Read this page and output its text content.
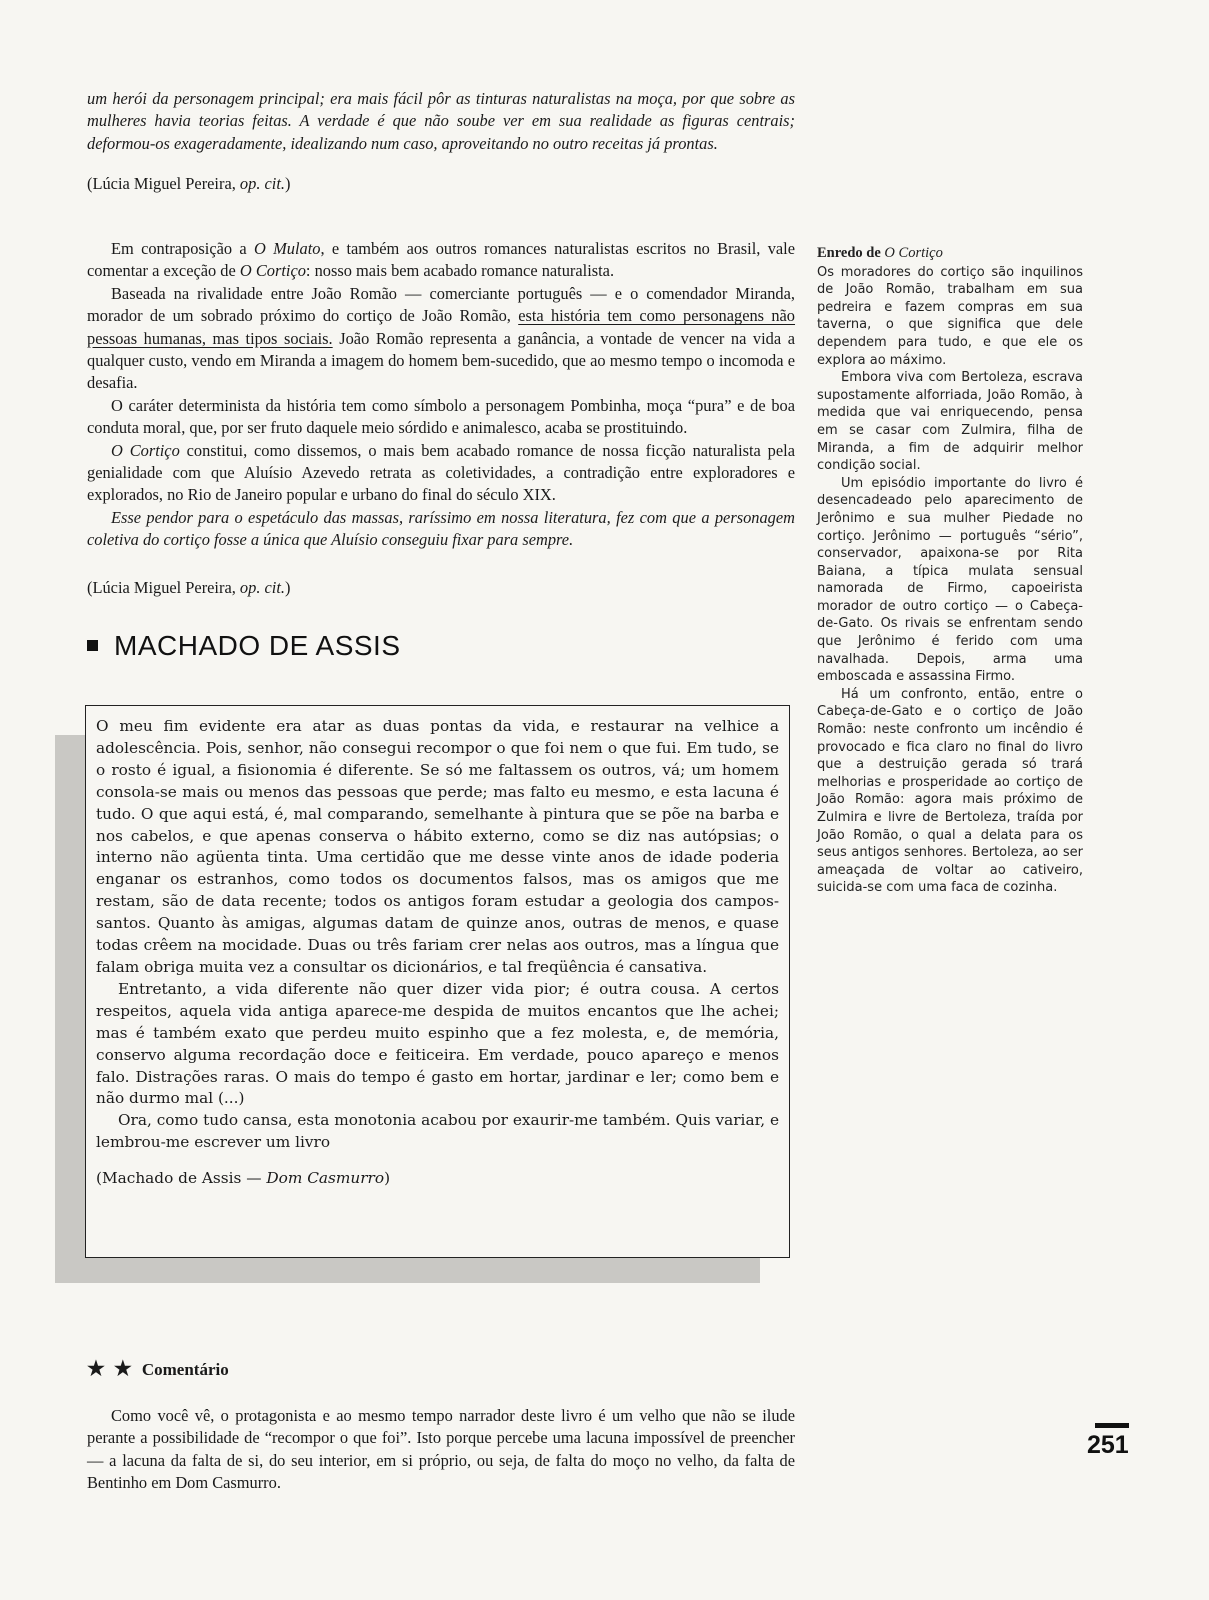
um herói da personagem principal; era mais fácil pôr as tinturas naturalistas na moça, por que sobre as mulheres havia teorias feitas. A verdade é que não soube ver em sua realidade as figuras centrais; deformou-os exageradamente, idealizando num caso, aproveitando no outro receitas já prontas.

(Lúcia Miguel Pereira, op. cit.)

Em contraposição a O Mulato, e também aos outros romances naturalistas escritos no Brasil, vale comentar a exceção de O Cortiço: nosso mais bem acabado romance naturalista.

Baseada na rivalidade entre João Romão — comerciante português — e o comendador Miranda, morador de um sobrado próximo do cortiço de João Romão, esta história tem como personagens não pessoas humanas, mas tipos sociais. João Romão representa a ganância, a vontade de vencer na vida a qualquer custo, vendo em Miranda a imagem do homem bem-sucedido, que ao mesmo tempo o incomoda e desafia.

O caráter determinista da história tem como símbolo a personagem Pombinha, moça “pura” e de boa conduta moral, que, por ser fruto daquele meio sórdido e animalesco, acaba se prostituindo.

O Cortiço constitui, como dissemos, o mais bem acabado romance de nossa ficção naturalista pela genialidade com que Aluísio Azevedo retrata as coletividades, a contradição entre exploradores e explorados, no Rio de Janeiro popular e urbano do final do século XIX.

Esse pendor para o espetáculo das massas, raríssimo em nossa literatura, fez com que a personagem coletiva do cortiço fosse a única que Aluísio conseguiu fixar para sempre.

(Lúcia Miguel Pereira, op. cit.)

MACHADO DE ASSIS

O meu fim evidente era atar as duas pontas da vida, e restaurar na velhice a adolescência. Pois, senhor, não consegui recompor o que foi nem o que fui. Em tudo, se o rosto é igual, a fisionomia é diferente. Se só me faltassem os outros, vá; um homem consola-se mais ou menos das pessoas que perde; mas falto eu mesmo, e esta lacuna é tudo. O que aqui está, é, mal comparando, semelhante à pintura que se põe na barba e nos cabelos, e que apenas conserva o hábito externo, como se diz nas autópsias; o interno não agüenta tinta. Uma certidão que me desse vinte anos de idade poderia enganar os estranhos, como todos os documentos falsos, mas os amigos que me restam, são de data recente; todos os antigos foram estudar a geologia dos campos-santos. Quanto às amigas, algumas datam de quinze anos, outras de menos, e quase todas crêem na mocidade. Duas ou três fariam crer nelas aos outros, mas a língua que falam obriga muita vez a consultar os dicionários, e tal freqüência é cansativa.

Entretanto, a vida diferente não quer dizer vida pior; é outra cousa. A certos respeitos, aquela vida antiga aparece-me despida de muitos encantos que lhe achei; mas é também exato que perdeu muito espinho que a fez molesta, e, de memória, conservo alguma recordação doce e feiticeira. Em verdade, pouco apareço e menos falo. Distrações raras. O mais do tempo é gasto em hortar, jardinar e ler; como bem e não durmo mal (...)

Ora, como tudo cansa, esta monotonia acabou por exaurir-me também. Quis variar, e lembrou-me escrever um livro

(Machado de Assis — Dom Casmurro)

Enredo de O Cortiço

Os moradores do cortiço são inquilinos de João Romão, trabalham em sua pedreira e fazem compras em sua taverna, o que significa que dele dependem para tudo, e que ele os explora ao máximo.

Embora viva com Bertoleza, escrava supostamente alforriada, João Romão, à medida que vai enriquecendo, pensa em se casar com Zulmira, filha de Miranda, a fim de adquirir melhor condição social.

Um episódio importante do livro é desencadeado pelo aparecimento de Jerônimo e sua mulher Piedade no cortiço. Jerônimo — português “sério”, conservador, apaixona-se por Rita Baiana, a típica mulata sensual namorada de Firmo, capoeirista morador de outro cortiço — o Cabeça-de-Gato. Os rivais se enfrentam sendo que Jerônimo é ferido com uma navalhada. Depois, arma uma emboscada e assassina Firmo.

Há um confronto, então, entre o Cabeça-de-Gato e o cortiço de João Romão: neste confronto um incêndio é provocado e fica claro no final do livro que a destruição gerada só trará melhorias e prosperidade ao cortiço de João Romão: agora mais próximo de Zulmira e livre de Bertoleza, traída por João Romão, o qual a delata para os seus antigos senhores. Bertoleza, ao ser ameaçada de voltar ao cativeiro, suicida-se com uma faca de cozinha.

★ ★ Comentário

Como você vê, o protagonista e ao mesmo tempo narrador deste livro é um velho que não se ilude perante a possibilidade de “recompor o que foi”. Isto porque percebe uma lacuna impossível de preencher — a lacuna da falta de si, do seu interior, em si próprio, ou seja, de falta do moço no velho, da falta de Bentinho em Dom Casmurro.

251
